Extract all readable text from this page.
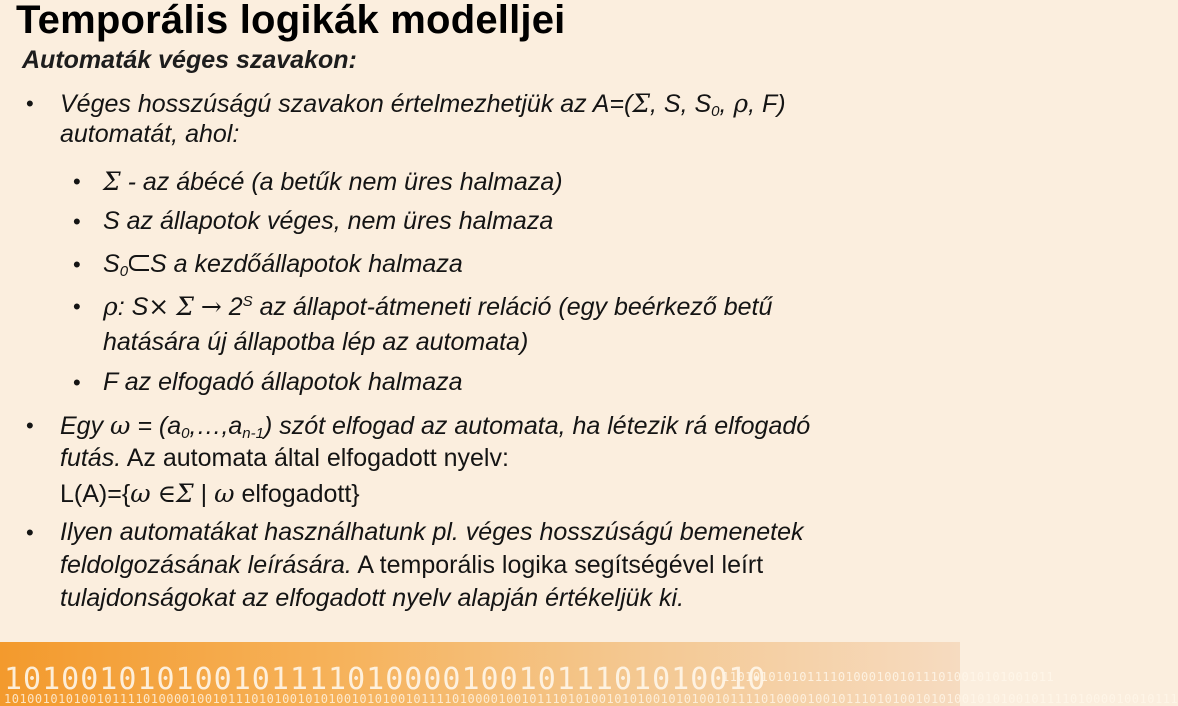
Temporális logikák modelljei
Automaták véges szavakon:
• Véges hosszúságú szavakon értelmezhetjük az A=(Σ, S, $S_0$, ρ, F)
automatát, ahol:
• Σ - az ábécé (a betűk nem üres halmaza)
• S az állapotok véges, nem üres halmaza
• $S_0$ S a kezdőállapotok halmaza
• ρ: $S\times \Sigma \to 2^S$ az állapot-átmeneti reláció (egy beérkező betű
hatására új állapotba lép az automata)
• F az elfogadó állapotok halmaza
• Egy $\omega = (a_0,\dots,a_{n-1})$ szót elfogad az automata, ha létezik rá elfogadó
futás. Az automata által elfogadott nyelv:
L(A)={ω ∈Σ | ω elfogadott}
• Ilyen automatákat használhatunk pl. véges hosszúságú bemenetek
feldolgozásának leírására. A temporális logika segítségével leírt
tulajdonságokat az elfogadott nyelv alapján értékeljük ki.
1010010101001011110100001001011101010010
1101010101011110100010010111010010101001011
10100101010010111101000010010111010100101010010101001011110100001001011101010010101001010100101111010000100101110101001010100101010010111101000010010111
